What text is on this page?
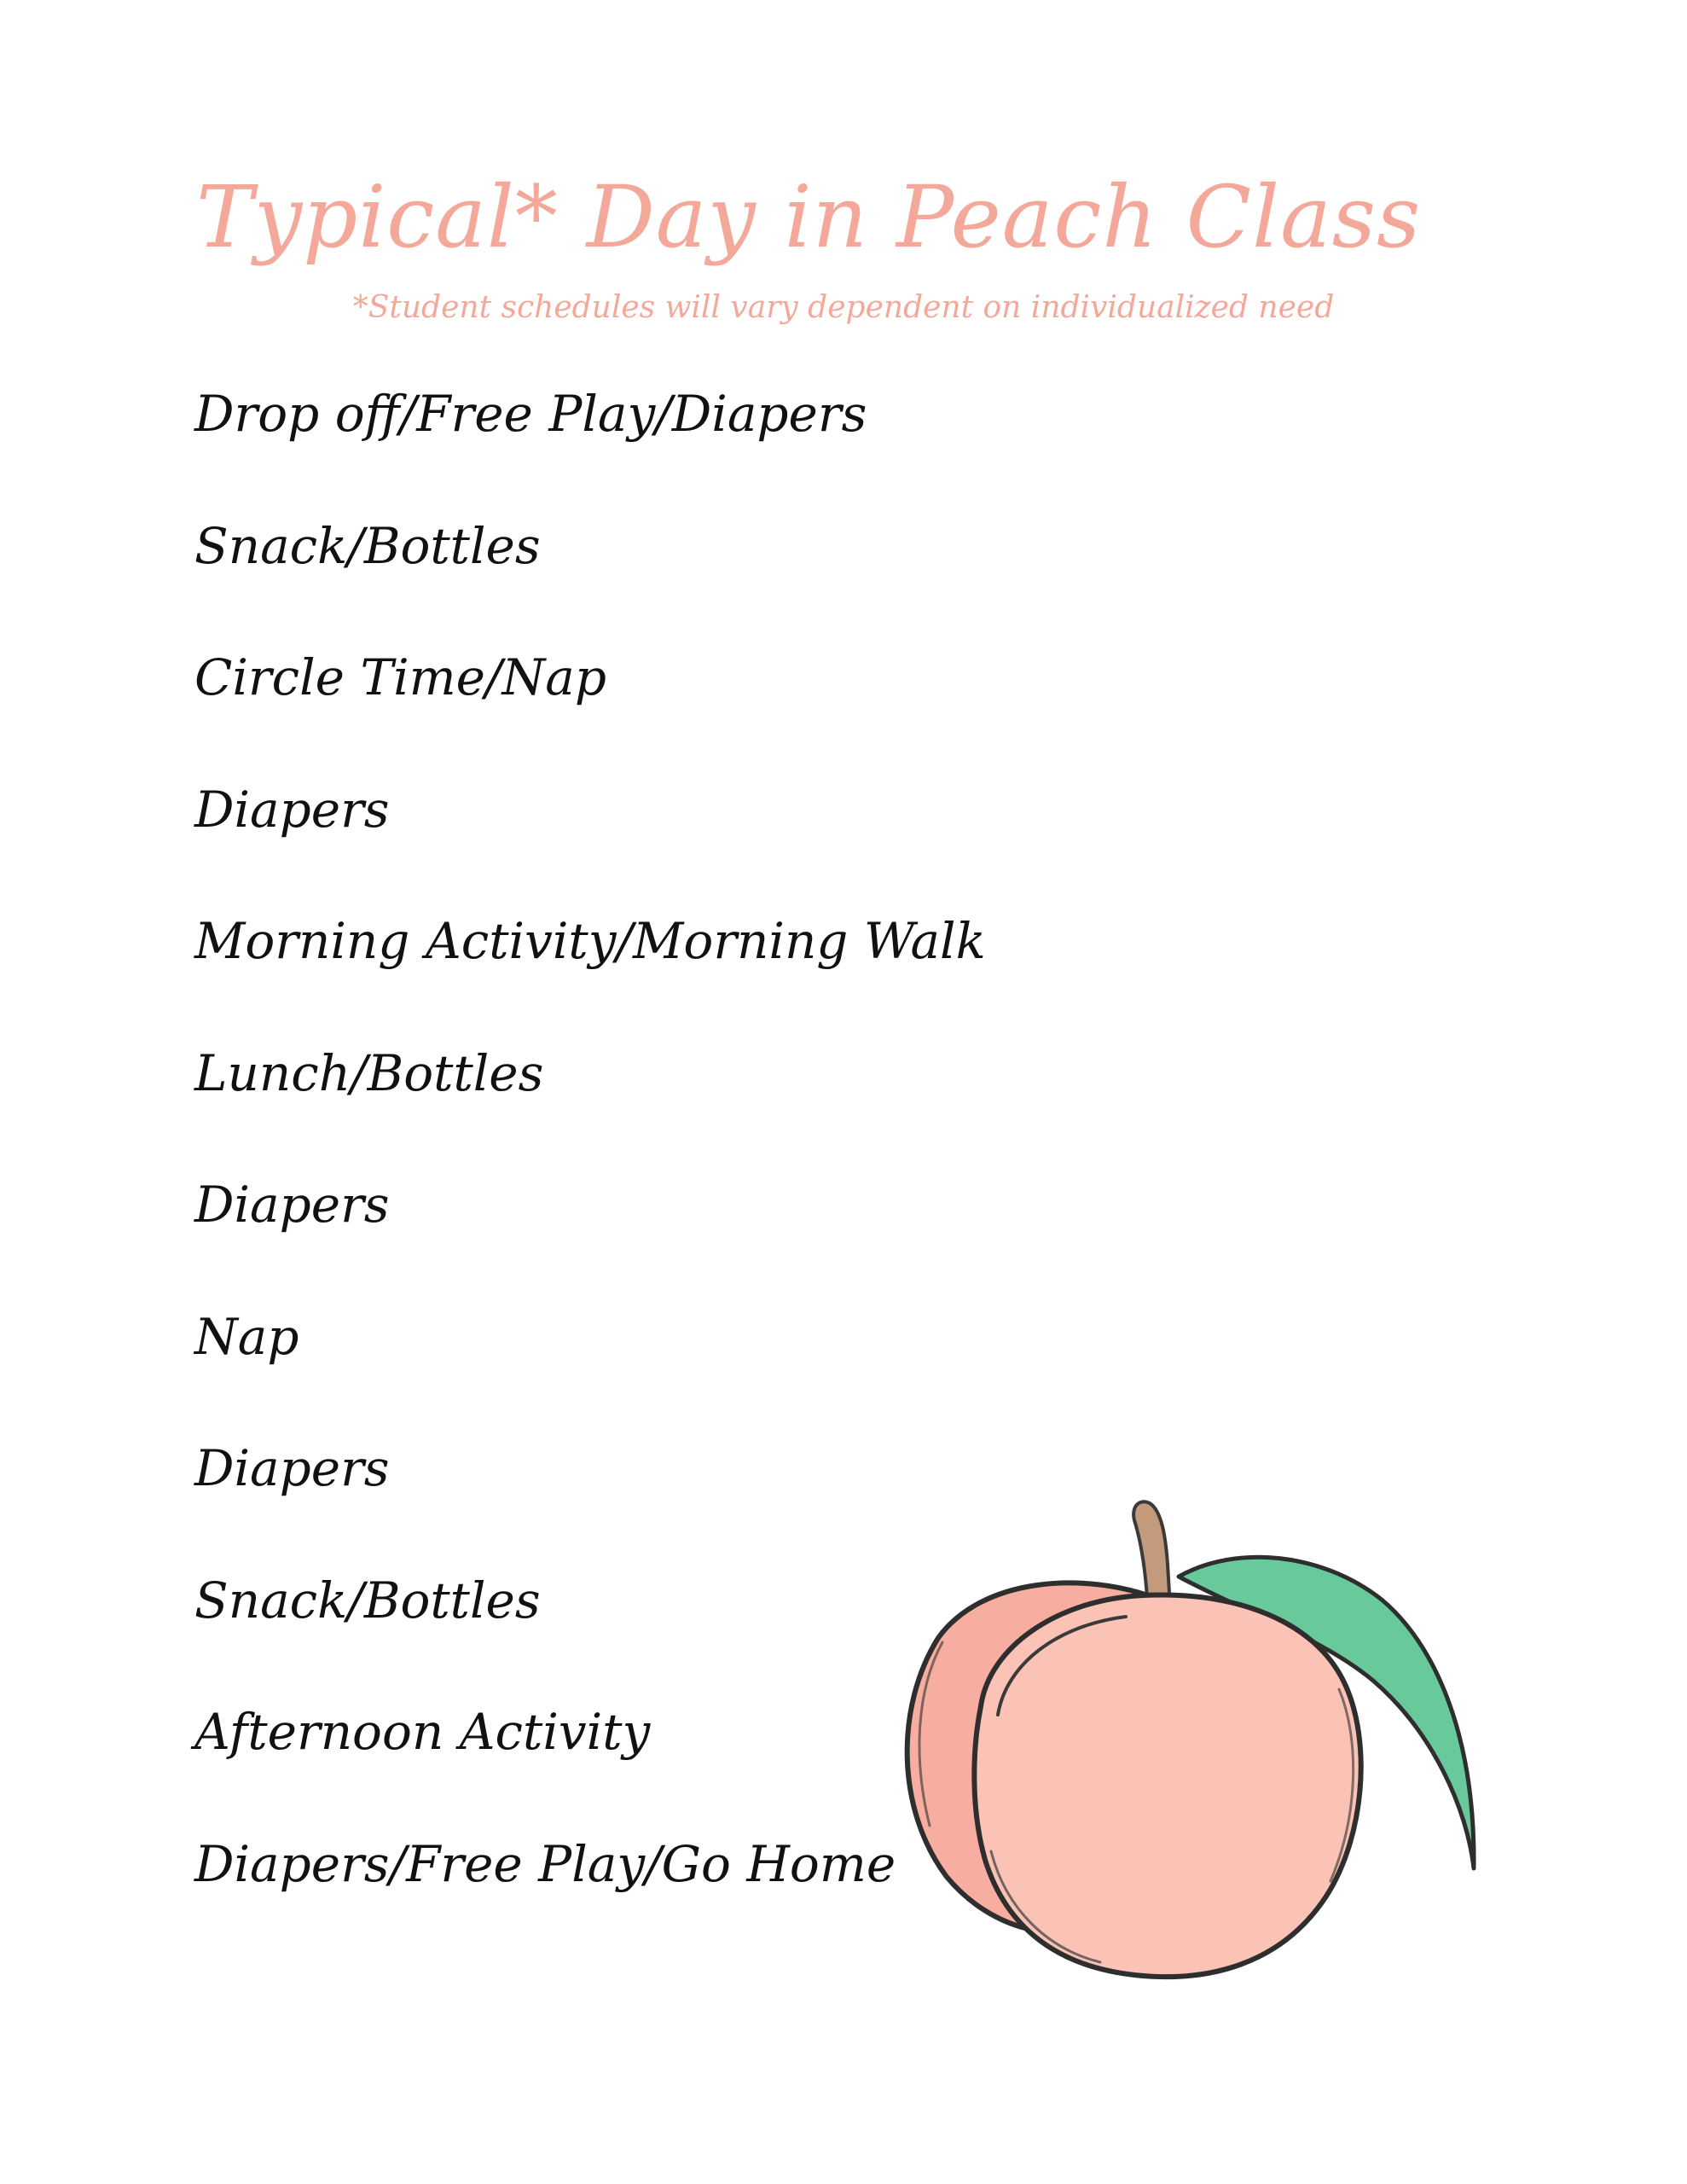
Typical* Day in Peach Class
*Student schedules will vary dependent on individualized need
Drop off/Free Play/Diapers
Snack/Bottles
Circle Time/Nap
Diapers
Morning Activity/Morning Walk
Lunch/Bottles
Diapers
Nap
Diapers
Snack/Bottles
Afternoon Activity
Diapers/Free Play/Go Home
